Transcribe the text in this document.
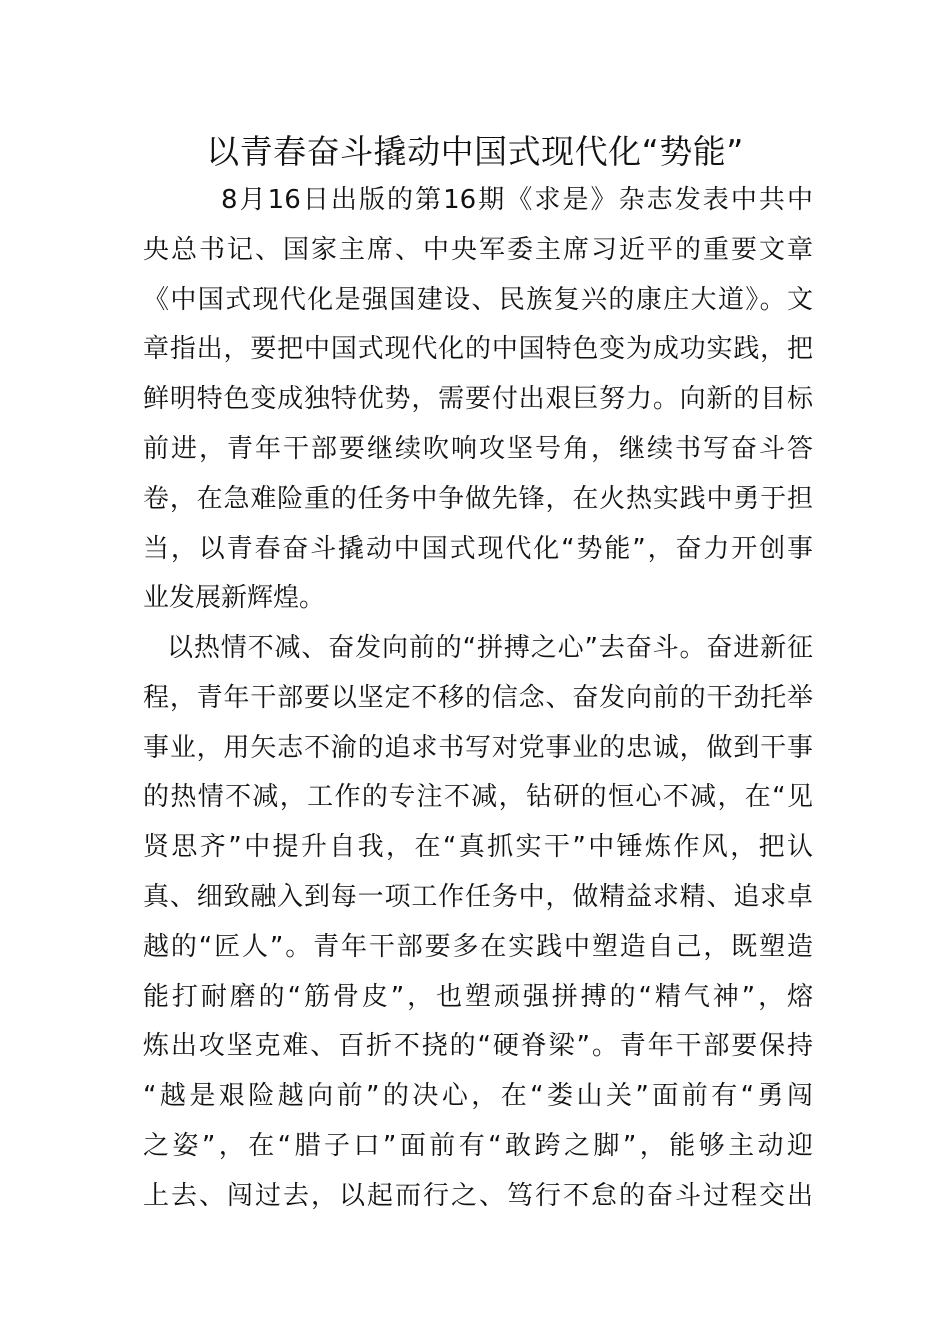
以青春奋斗撬动中国式现代化“势能”
8月16日出版的第16期《求是》杂志发表中共中
央总书记、国家主席、中央军委主席习近平的重要文章
《中国式现代化是强国建设、民族复兴的康庄大道》。文
章指出，要把中国式现代化的中国特色变为成功实践，把
鲜明特色变成独特优势，需要付出艰巨努力。向新的目标
前进，青年干部要继续吹响攻坚号角，继续书写奋斗答
卷，在急难险重的任务中争做先锋，在火热实践中勇于担
当，以青春奋斗撬动中国式现代化“势能”，奋力开创事
业发展新辉煌。
以热情不减、奋发向前的“拼搏之心”去奋斗。奋进新征
程，青年干部要以坚定不移的信念、奋发向前的干劲托举
事业，用矢志不渝的追求书写对党事业的忠诚，做到干事
的热情不减，工作的专注不减，钻研的恒心不减，在“见
贤思齐”中提升自我，在“真抓实干”中锤炼作风，把认
真、细致融入到每一项工作任务中，做精益求精、追求卓
越的“匠人”。青年干部要多在实践中塑造自己，既塑造
能打耐磨的“筋骨皮”，也塑顽强拼搏的“精气神”，熔
炼出攻坚克难、百折不挠的“硬脊梁”。青年干部要保持
“越是艰险越向前”的决心，在“娄山关”面前有“勇闯
之姿”，在“腊子口”面前有“敢跨之脚”，能够主动迎
上去、闯过去，以起而行之、笃行不怠的奋斗过程交出
